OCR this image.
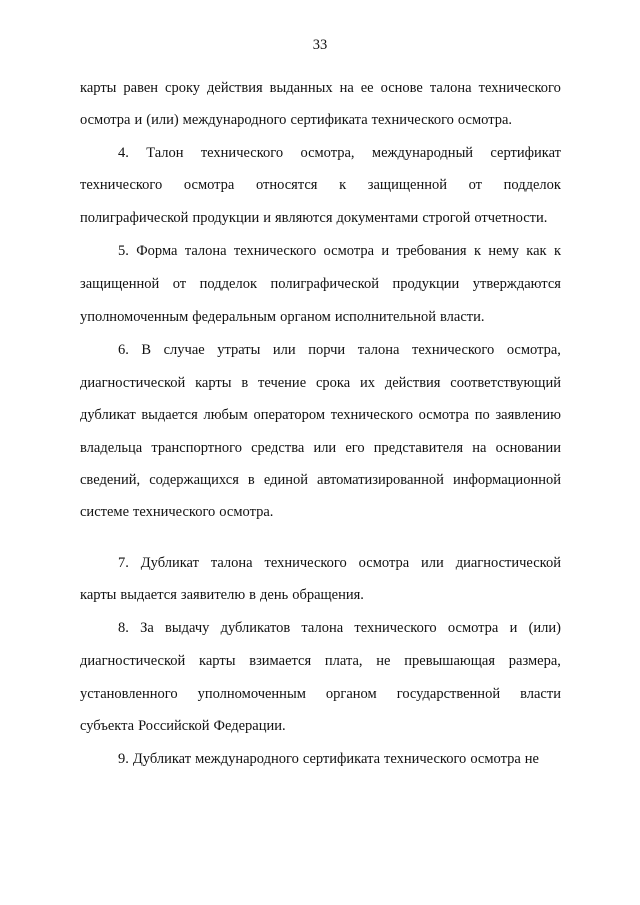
33
карты равен сроку действия выданных на ее основе талона технического
осмотра и (или) международного сертификата технического осмотра.
4. Талон технического осмотра, международный сертификат
технического осмотра относятся к защищенной от подделок
полиграфической продукции и являются документами строгой отчетности.
5. Форма талона технического осмотра и требования к нему как к
защищенной от подделок полиграфической продукции утверждаются
уполномоченным федеральным органом исполнительной власти.
6. В случае утраты или порчи талона технического осмотра,
диагностической карты в течение срока их действия соответствующий
дубликат выдается любым оператором технического осмотра по заявлению
владельца транспортного средства или его представителя на основании
сведений, содержащихся в единой автоматизированной информационной
системе технического осмотра.
7. Дубликат талона технического осмотра или диагностической
карты выдается заявителю в день обращения.
8. За выдачу дубликатов талона технического осмотра и (или)
диагностической карты взимается плата, не превышающая размера,
установленного уполномоченным органом государственной власти
субъекта Российской Федерации.
9. Дубликат международного сертификата технического осмотра не
